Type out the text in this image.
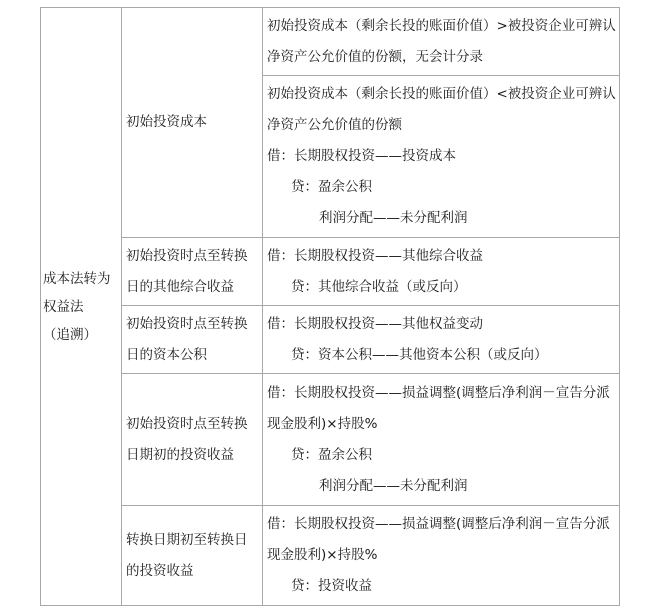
成本法转为
权益法
（追溯）	初始投资成本	初始投资成本（剩余长投的账面价值）>被投资企业可辨认
净资产公允价值的份额，无会计分录

		初始投资成本（剩余长投的账面价值）<被投资企业可辨认
净资产公允价值的份额
借：长期股权投资——投资成本
贷：盈余公积
利润分配——未分配利润

	初始投资时点至转换
日的其他综合收益	借：长期股权投资——其他综合收益
贷：其他综合收益（或反向）

	初始投资时点至转换
日的资本公积	借：长期股权投资——其他权益变动
贷：资本公积——其他资本公积（或反向）

	初始投资时点至转换
日期初的投资收益	借：长期股权投资——损益调整(调整后净利润－宣告分派
现金股利)×持股%
贷：盈余公积
利润分配——未分配利润

	转换日期初至转换日
的投资收益	借：长期股权投资——损益调整(调整后净利润－宣告分派
现金股利)×持股%
贷：投资收益
